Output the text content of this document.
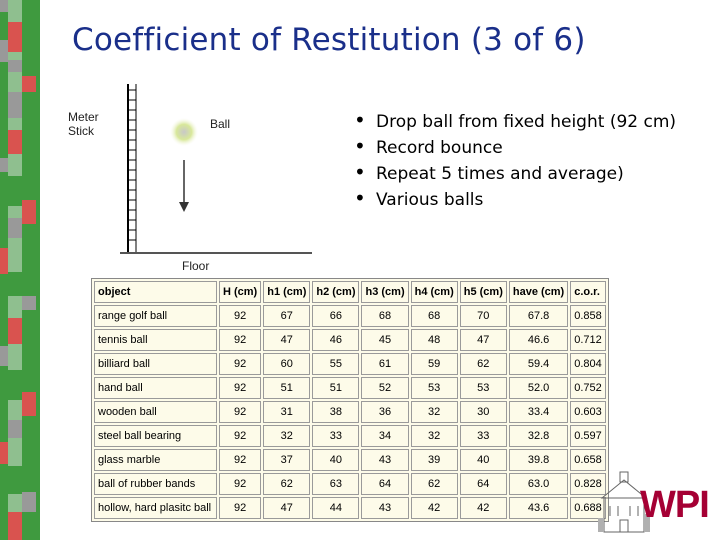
Coefficient of Restitution (3 of 6)
Meter
Stick	Ball
Floor
• Drop ball from fixed height (92 cm)
• Record bounce
• Repeat 5 times and average)
• Various balls
object	H (cm)	h1 (cm)	h2 (cm)	h3 (cm)	h4 (cm)	h5 (cm)	have (cm)	c.o.r.
range golf ball	92	67	66	68	68	70	67.8	0.858
tennis ball	92	47	46	45	48	47	46.6	0.712
billiard ball	92	60	55	61	59	62	59.4	0.804
hand ball	92	51	51	52	53	53	52.0	0.752
wooden ball	92	31	38	36	32	30	33.4	0.603
steel ball bearing	92	32	33	34	32	33	32.8	0.597
glass marble	92	37	40	43	39	40	39.8	0.658
ball of rubber bands	92	62	63	64	62	64	63.0	0.828
hollow, hard plasitc ball	92	47	44	43	42	42	43.6	0.688 WPI
